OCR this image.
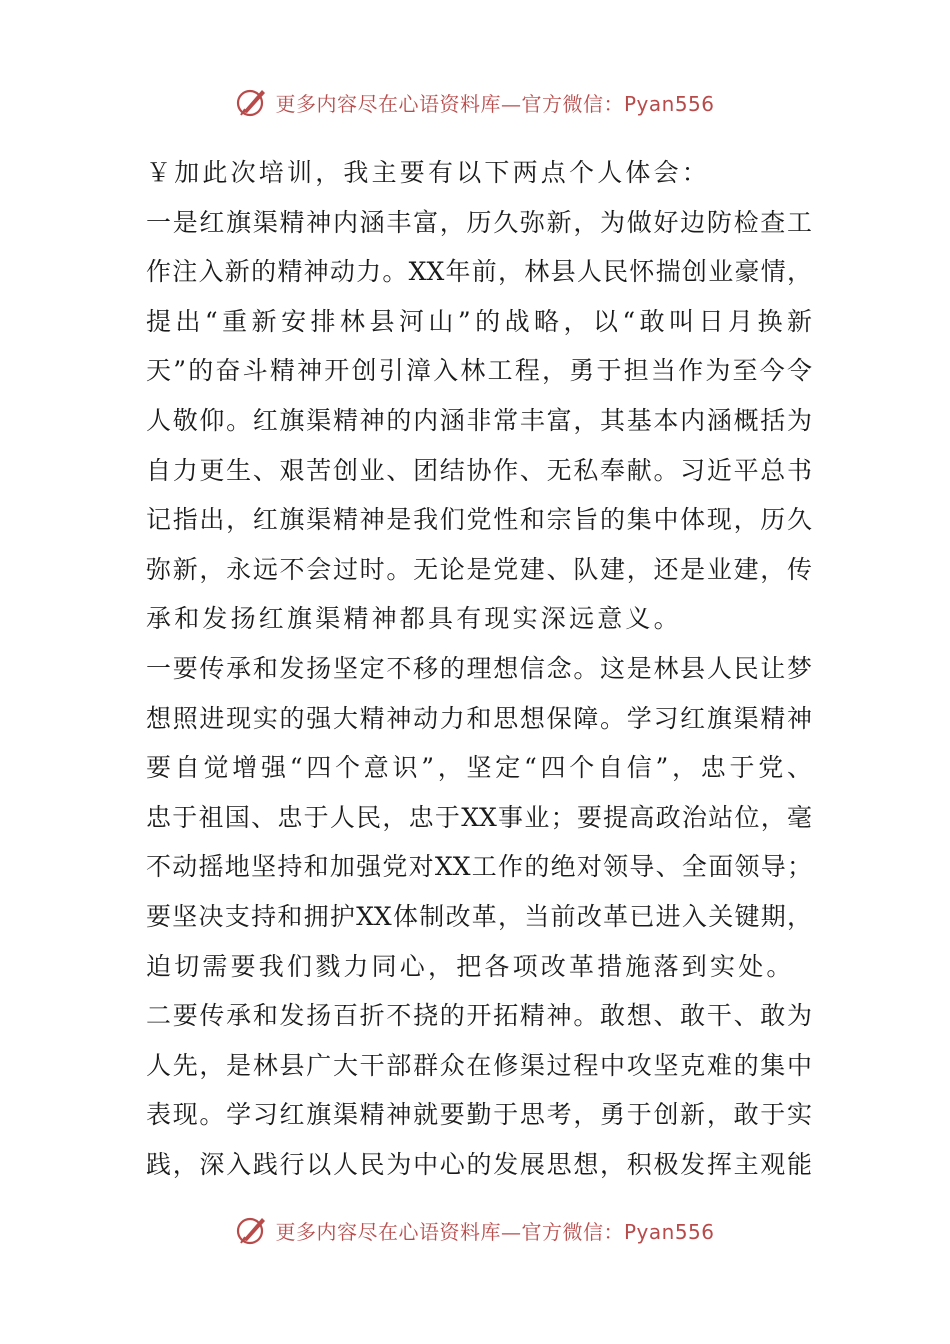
更多内容尽在心语资料库—官方微信：Pyan556
￥加此次培训，我主要有以下两点个人体会：
一是红旗渠精神内涵丰富，历久弥新，为做好边防检查工
作注入新的精神动力。XX年前，林县人民怀揣创业豪情，
提出“重新安排林县河山”的战略，以“敢叫日月换新
天”的奋斗精神开创引漳入林工程，勇于担当作为至今令
人敬仰。红旗渠精神的内涵非常丰富，其基本内涵概括为
自力更生、艰苦创业、团结协作、无私奉献。习近平总书
记指出，红旗渠精神是我们党性和宗旨的集中体现，历久
弥新，永远不会过时。无论是党建、队建，还是业建，传
承和发扬红旗渠精神都具有现实深远意义。
一要传承和发扬坚定不移的理想信念。这是林县人民让梦
想照进现实的强大精神动力和思想保障。学习红旗渠精神
要自觉增强“四个意识”，坚定“四个自信”，忠于党、
忠于祖国、忠于人民，忠于XX事业；要提高政治站位，毫
不动摇地坚持和加强党对XX工作的绝对领导、全面领导；
要坚决支持和拥护XX体制改革，当前改革已进入关键期，
迫切需要我们戮力同心，把各项改革措施落到实处。
二要传承和发扬百折不挠的开拓精神。敢想、敢干、敢为
人先，是林县广大干部群众在修渠过程中攻坚克难的集中
表现。学习红旗渠精神就要勤于思考，勇于创新，敢于实
践，深入践行以人民为中心的发展思想，积极发挥主观能
更多内容尽在心语资料库—官方微信：Pyan556
